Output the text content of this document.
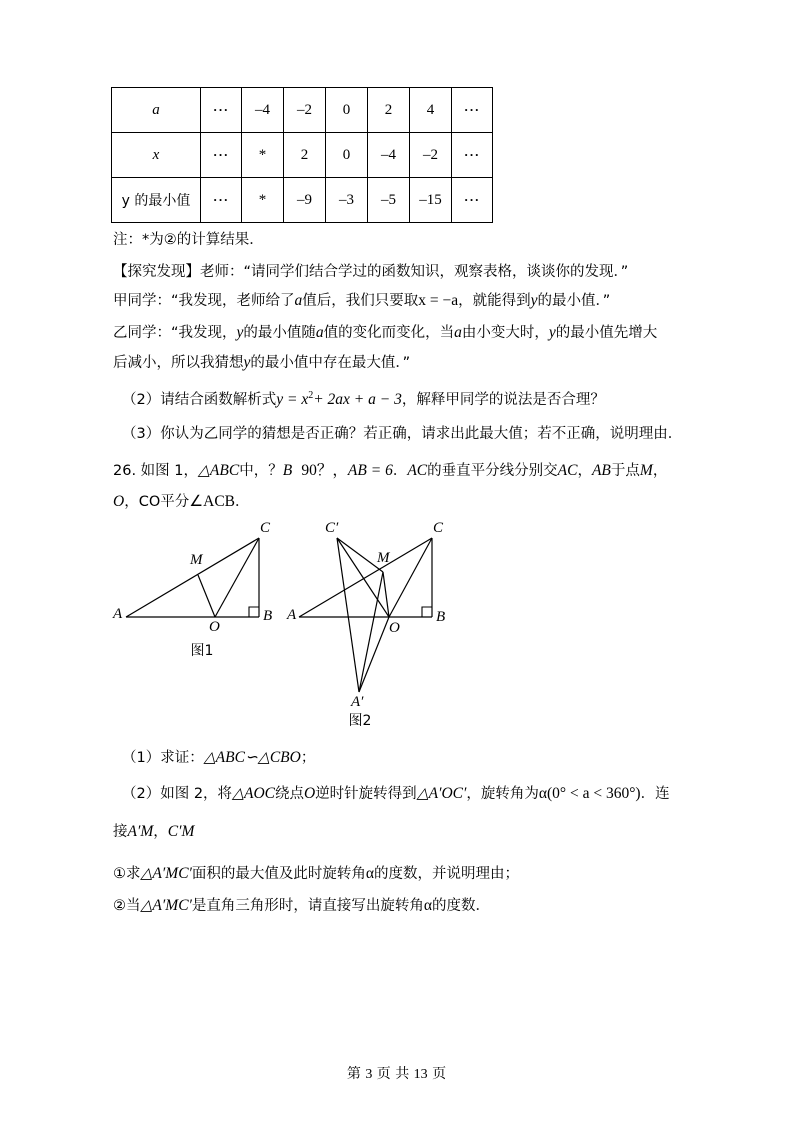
a	···	–4	–2	0	2	4	···
x	···	*	2	0	–4	–2	···
y 的最小值	···	*	–9	–3	–5	–15	···
注：*为②的计算结果．
【探究发现】老师：“请同学们结合学过的函数知识，观察表格，谈谈你的发现．”
甲同学：“我发现，老师给了a值后，我们只要取x = −a，就能得到y的最小值．”
乙同学：“我发现，y的最小值随a值的变化而变化，当a由小变大时，y的最小值先增大
后减小，所以我猜想y的最小值中存在最大值．”
（2）请结合函数解析式$y = x^2+ 2ax + a - 3$，解释甲同学的说法是否合理？
（3）你认为乙同学的猜想是否正确？若正确，请求出此最大值；若不正确，说明理由．
26. 如图 1，△ABC中，？B 90？，AB = 6．AC的垂直平分线分别交AC，AB于点M，
O，CO平分∠ACB．
A	B
C
M
O
图1
A	B
C
C′
M
O
A′
图2
（1）求证：△ABC∽△CBO；
（2）如图 2，将△AOC绕点O逆时针旋转得到△A′OC′，旋转角为α(0° < a < 360°)．连
接A′M，C′M
①求△A′MC′面积的最大值及此时旋转角α的度数，并说明理由；
②当△A′MC′是直角三角形时，请直接写出旋转角α的度数．
第 3 页 共 13 页
